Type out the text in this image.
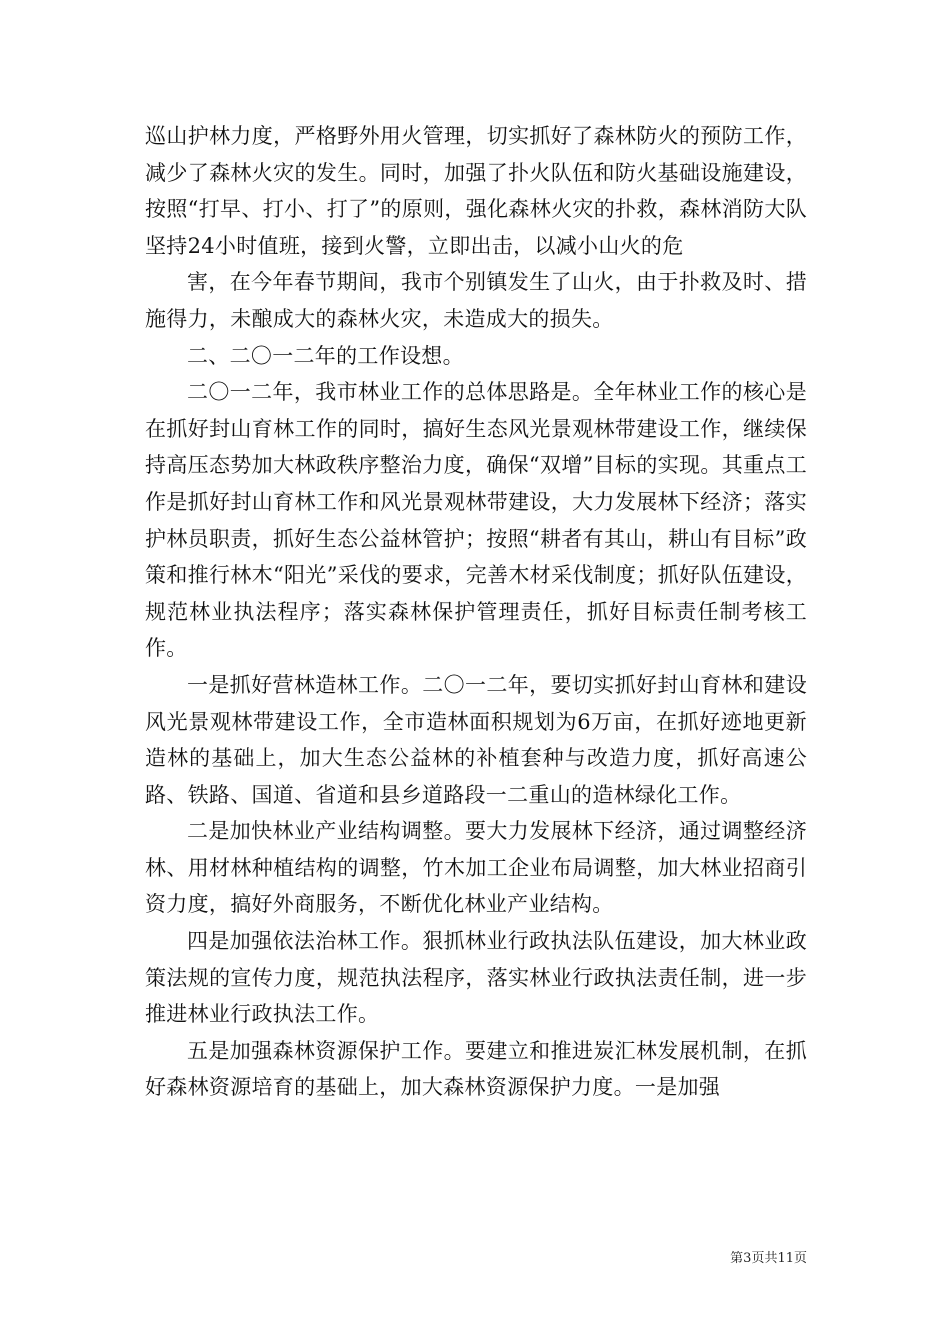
巡山护林力度，严格野外用火管理，切实抓好了森林防火的预防工作，减少了森林火灾的发生。同时，加强了扑火队伍和防火基础设施建设，按照“打早、打小、打了”的原则，强化森林火灾的扑救，森林消防大队坚持24小时值班，接到火警，立即出击，以减小山火的危

害，在今年春节期间，我市个别镇发生了山火，由于扑救及时、措施得力，未酿成大的森林火灾，未造成大的损失。

二、二〇一二年的工作设想。

二〇一二年，我市林业工作的总体思路是。全年林业工作的核心是在抓好封山育林工作的同时，搞好生态风光景观林带建设工作，继续保持高压态势加大林政秩序整治力度，确保“双增”目标的实现。其重点工作是抓好封山育林工作和风光景观林带建设，大力发展林下经济；落实护林员职责，抓好生态公益林管护；按照“耕者有其山，耕山有目标”政策和推行林木“阳光”采伐的要求，完善木材采伐制度；抓好队伍建设，规范林业执法程序；落实森林保护管理责任，抓好目标责任制考核工作。

一是抓好营林造林工作。二〇一二年，要切实抓好封山育林和建设风光景观林带建设工作，全市造林面积规划为6万亩，在抓好迹地更新造林的基础上，加大生态公益林的补植套种与改造力度，抓好高速公路、铁路、国道、省道和县乡道路段一二重山的造林绿化工作。

二是加快林业产业结构调整。要大力发展林下经济，通过调整经济林、用材林种植结构的调整，竹木加工企业布局调整，加大林业招商引资力度，搞好外商服务，不断优化林业产业结构。

四是加强依法治林工作。狠抓林业行政执法队伍建设，加大林业政策法规的宣传力度，规范执法程序，落实林业行政执法责任制，进一步推进林业行政执法工作。

五是加强森林资源保护工作。要建立和推进炭汇林发展机制，在抓好森林资源培育的基础上，加大森林资源保护力度。一是加强

第3页共11页
